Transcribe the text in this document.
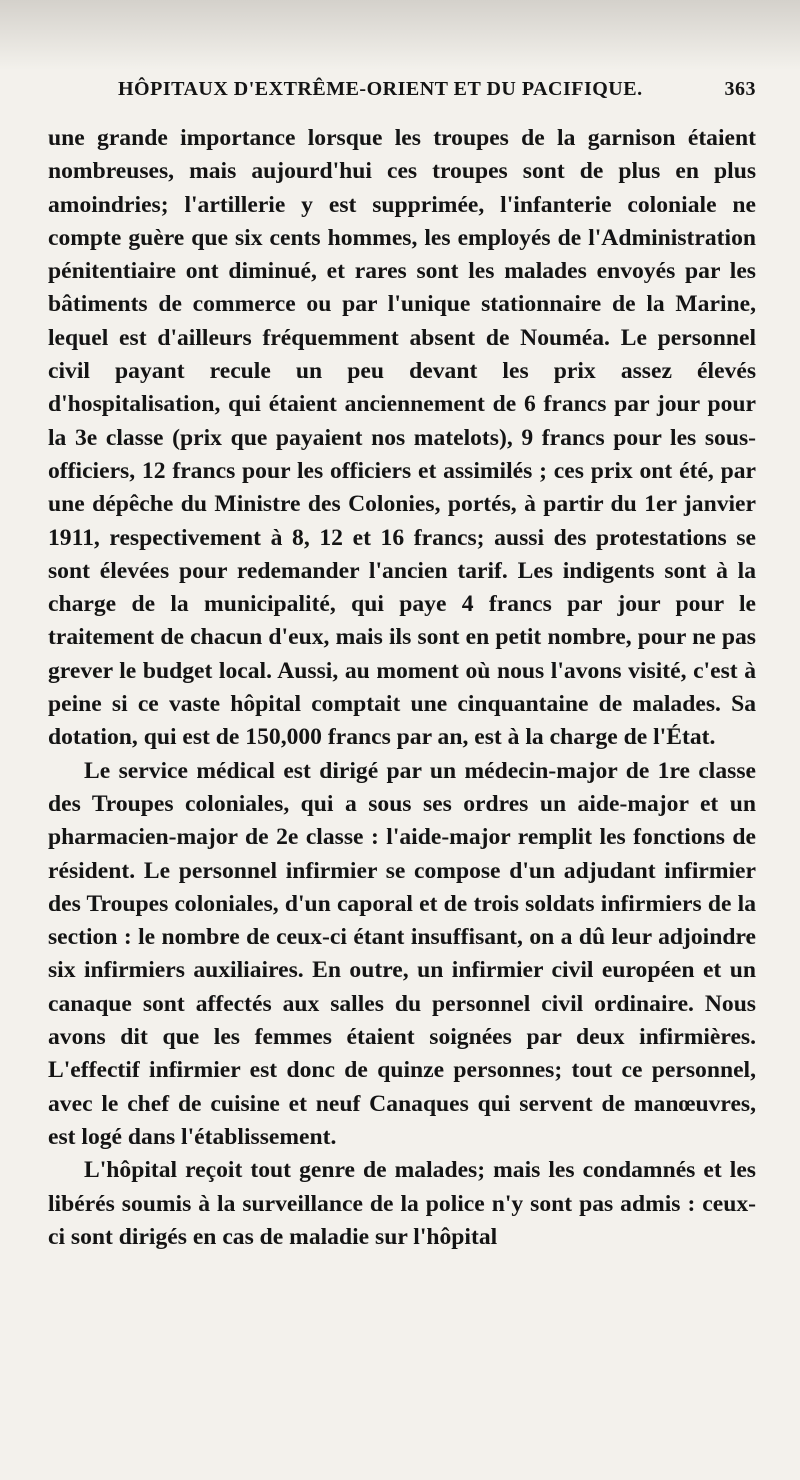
HÔPITAUX D'EXTRÊME-ORIENT ET DU PACIFIQUE.	363

une grande importance lorsque les troupes de la garnison étaient nombreuses, mais aujourd'hui ces troupes sont de plus en plus amoindries; l'artillerie y est supprimée, l'infanterie coloniale ne compte guère que six cents hommes, les employés de l'Administration pénitentiaire ont diminué, et rares sont les malades envoyés par les bâtiments de commerce ou par l'unique stationnaire de la Marine, lequel est d'ailleurs fréquemment absent de Nouméa. Le personnel civil payant recule un peu devant les prix assez élevés d'hospitalisation, qui étaient anciennement de 6 francs par jour pour la 3e classe (prix que payaient nos matelots), 9 francs pour les sous-officiers, 12 francs pour les officiers et assimilés ; ces prix ont été, par une dépêche du Ministre des Colonies, portés, à partir du 1er janvier 1911, respectivement à 8, 12 et 16 francs; aussi des protestations se sont élevées pour redemander l'ancien tarif. Les indigents sont à la charge de la municipalité, qui paye 4 francs par jour pour le traitement de chacun d'eux, mais ils sont en petit nombre, pour ne pas grever le budget local. Aussi, au moment où nous l'avons visité, c'est à peine si ce vaste hôpital comptait une cinquantaine de malades. Sa dotation, qui est de 150,000 francs par an, est à la charge de l'État.

Le service médical est dirigé par un médecin-major de 1re classe des Troupes coloniales, qui a sous ses ordres un aide-major et un pharmacien-major de 2e classe : l'aide-major remplit les fonctions de résident. Le personnel infirmier se compose d'un adjudant infirmier des Troupes coloniales, d'un caporal et de trois soldats infirmiers de la section : le nombre de ceux-ci étant insuffisant, on a dû leur adjoindre six infirmiers auxiliaires. En outre, un infirmier civil européen et un canaque sont affectés aux salles du personnel civil ordinaire. Nous avons dit que les femmes étaient soignées par deux infirmières. L'effectif infirmier est donc de quinze personnes; tout ce personnel, avec le chef de cuisine et neuf Canaques qui servent de manœuvres, est logé dans l'établissement.

L'hôpital reçoit tout genre de malades; mais les condamnés et les libérés soumis à la surveillance de la police n'y sont pas admis : ceux-ci sont dirigés en cas de maladie sur l'hôpital
